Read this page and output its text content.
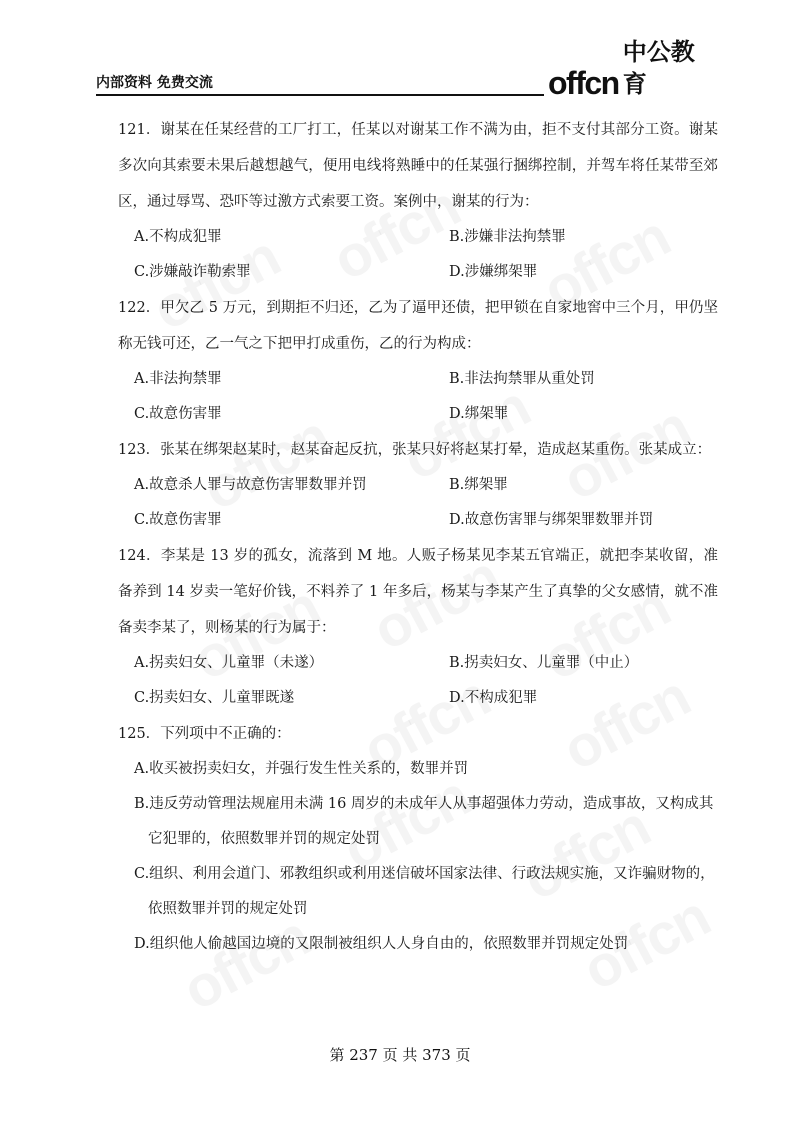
内部资料 免费交流	offcn
中公教育
121．谢某在任某经营的工厂打工，任某以对谢某工作不满为由，拒不支付其部分工资。谢某多次向其索要未果后越想越气，便用电线将熟睡中的任某强行捆绑控制，并驾车将任某带至郊区，通过辱骂、恐吓等过激方式索要工资。案例中，谢某的行为：
A.不构成犯罪	B.涉嫌非法拘禁罪
C.涉嫌敲诈勒索罪	D.涉嫌绑架罪
122．甲欠乙 5 万元，到期拒不归还，乙为了逼甲还债，把甲锁在自家地窖中三个月，甲仍坚称无钱可还，乙一气之下把甲打成重伤，乙的行为构成：
A.非法拘禁罪	B.非法拘禁罪从重处罚
C.故意伤害罪	D.绑架罪
123．张某在绑架赵某时，赵某奋起反抗，张某只好将赵某打晕，造成赵某重伤。张某成立：
A.故意杀人罪与故意伤害罪数罪并罚	B.绑架罪
C.故意伤害罪	D.故意伤害罪与绑架罪数罪并罚
124．李某是 13 岁的孤女，流落到 M 地。人贩子杨某见李某五官端正，就把李某收留，准备养到 14 岁卖一笔好价钱，不料养了 1 年多后，杨某与李某产生了真挚的父女感情，就不准备卖李某了，则杨某的行为属于：
A.拐卖妇女、儿童罪（未遂）	B.拐卖妇女、儿童罪（中止）
C.拐卖妇女、儿童罪既遂	D.不构成犯罪
125．下列项中不正确的：
A.收买被拐卖妇女，并强行发生性关系的，数罪并罚
B.违反劳动管理法规雇用未满 16 周岁的未成年人从事超强体力劳动，造成事故，又构成其它犯罪的，依照数罪并罚的规定处罚
C.组织、利用会道门、邪教组织或利用迷信破坏国家法律、行政法规实施，又诈骗财物的，依照数罪并罚的规定处罚
D.组织他人偷越国边境的又限制被组织人人身自由的，依照数罪并罚规定处罚
第 237 页 共 373 页
